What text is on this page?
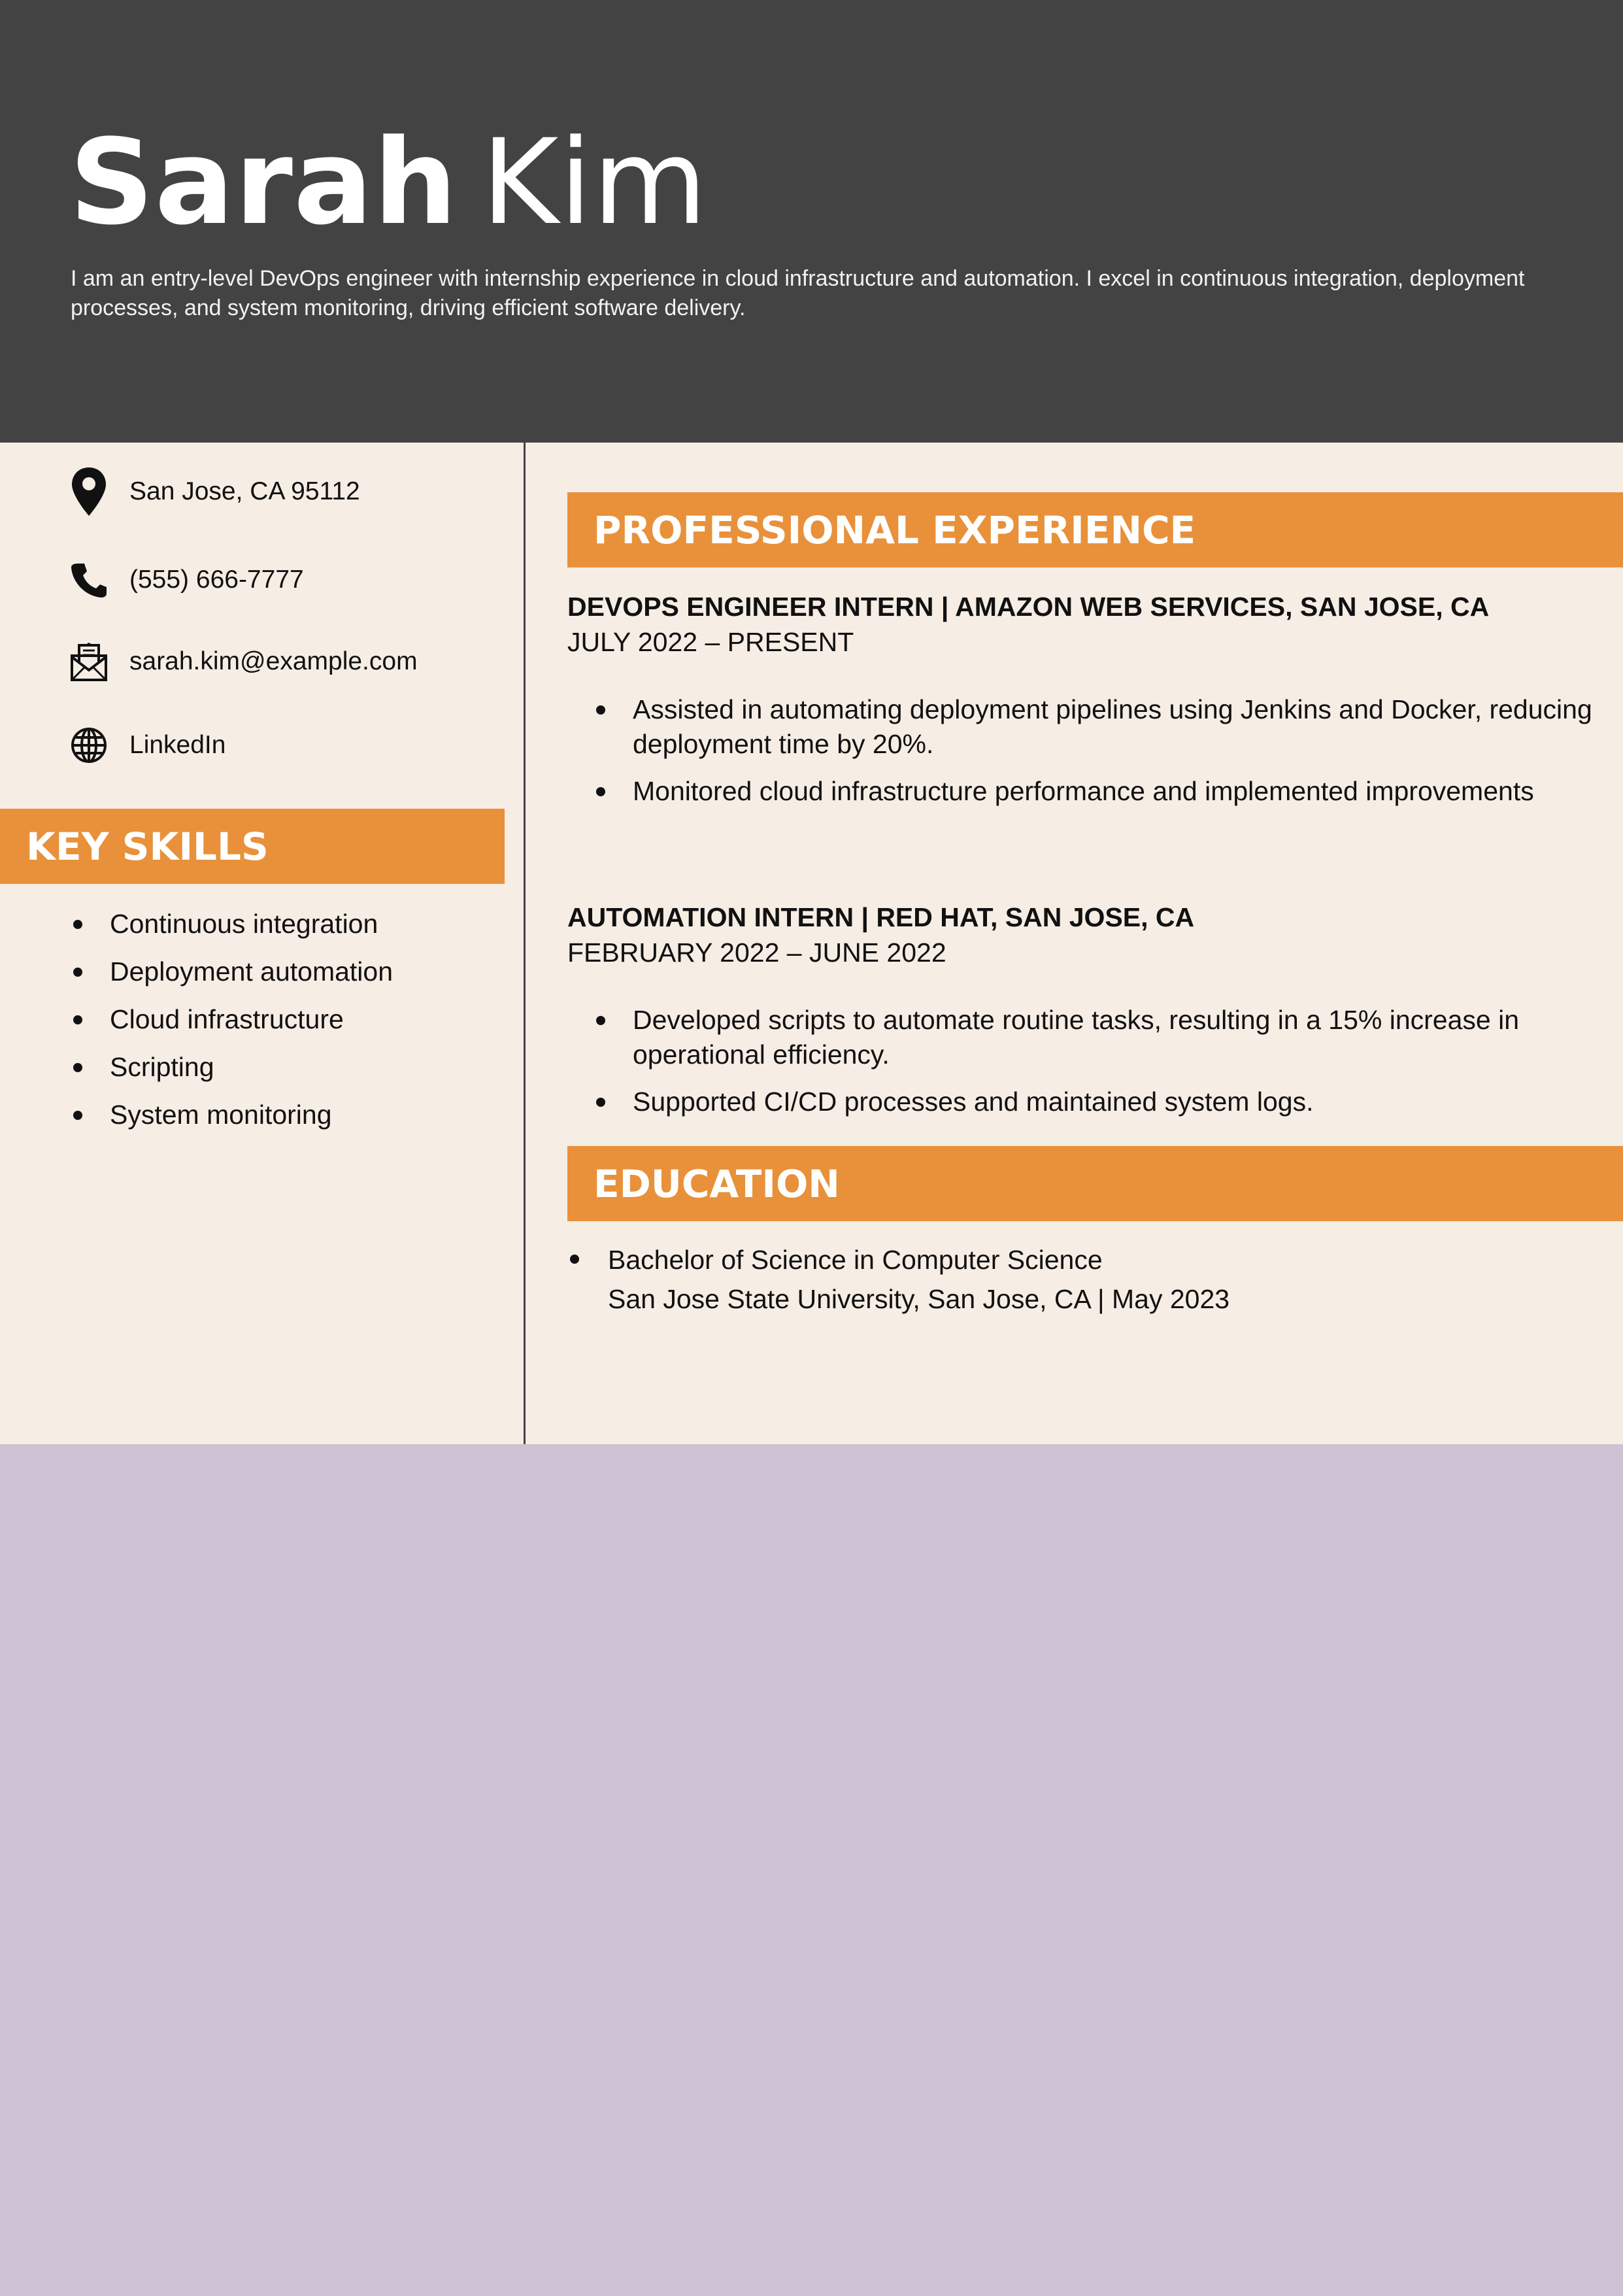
Sarah Kim
I am an entry-level DevOps engineer with internship experience in cloud infrastructure and automation. I excel in continuous integration, deployment processes, and system monitoring, driving efficient software delivery.
San Jose, CA 95112
(555) 666-7777
sarah.kim@example.com
LinkedIn
KEY SKILLS
Continuous integration
Deployment automation
Cloud infrastructure
Scripting
System monitoring
PROFESSIONAL EXPERIENCE
DEVOPS ENGINEER INTERN | AMAZON WEB SERVICES, SAN JOSE, CA
JULY 2022 – PRESENT
Assisted in automating deployment pipelines using Jenkins and Docker, reducing deployment time by 20%.
Monitored cloud infrastructure performance and implemented improvements
AUTOMATION INTERN | RED HAT, SAN JOSE, CA
FEBRUARY 2022 – JUNE 2022
Developed scripts to automate routine tasks, resulting in a 15% increase in operational efficiency.
Supported CI/CD processes and maintained system logs.
EDUCATION
Bachelor of Science in Computer Science
San Jose State University, San Jose, CA | May 2023
